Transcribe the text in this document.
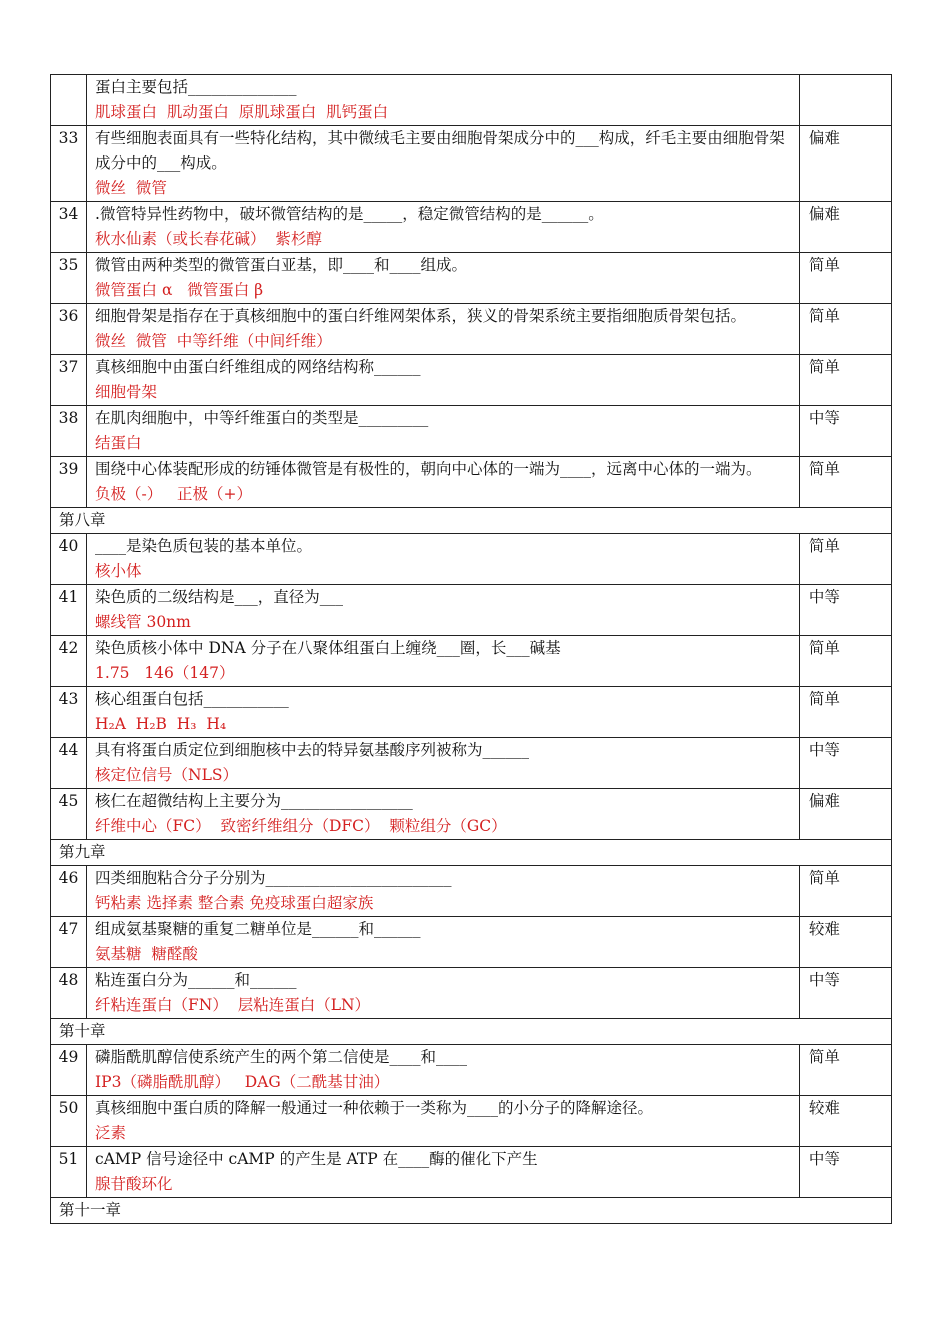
	蛋白主要包括______________
肌球蛋白  肌动蛋白  原肌球蛋白  肌钙蛋白	

33	有些细胞表面具有一些特化结构，其中微绒毛主要由细胞骨架成分中的___构成，纤毛主要由细胞骨架成分中的___构成。
微丝  微管	偏难
34	.微管特异性药物中，破坏微管结构的是_____，稳定微管结构的是______。
秋水仙素（或长春花碱）  紫杉醇	偏难
35	微管由两种类型的微管蛋白亚基，即____和____组成。
微管蛋白 α   微管蛋白 β	简单
36	细胞骨架是指存在于真核细胞中的蛋白纤维网架体系，狭义的骨架系统主要指细胞质骨架包括。
微丝  微管  中等纤维（中间纤维）	简单
37	真核细胞中由蛋白纤维组成的网络结构称______
细胞骨架	简单
38	在肌肉细胞中，中等纤维蛋白的类型是_________
结蛋白	中等
39	围绕中心体装配形成的纺锤体微管是有极性的，朝向中心体的一端为____，远离中心体的一端为。
负极（-）   正极（+）	简单
第八章		
40	____是染色质包装的基本单位。
核小体	简单
41	染色质的二级结构是___，直径为___
螺线管 30nm	中等
42	染色质核小体中 DNA 分子在八聚体组蛋白上缠绕___圈，长___碱基
1.75   146（147）	简单
43	核心组蛋白包括___________
H₂A  H₂B  H₃  H₄	简单
44	具有将蛋白质定位到细胞核中去的特异氨基酸序列被称为______
核定位信号（NLS）	中等
45	核仁在超微结构上主要分为_________________
纤维中心（FC）  致密纤维组分（DFC）  颗粒组分（GC）	偏难
第九章		
46	四类细胞粘合分子分别为________________________
钙粘素 选择素 整合素 免疫球蛋白超家族	简单
47	组成氨基聚糖的重复二糖单位是______和______
氨基糖  糖醛酸	较难
48	粘连蛋白分为______和______
纤粘连蛋白（FN）  层粘连蛋白（LN）	中等
第十章		
49	磷脂酰肌醇信使系统产生的两个第二信使是____和____
IP3（磷脂酰肌醇）   DAG（二酰基甘油）	简单
50	真核细胞中蛋白质的降解一般通过一种依赖于一类称为____的小分子的降解途径。
泛素	较难
51	cAMP 信号途径中 cAMP 的产生是 ATP 在____酶的催化下产生
腺苷酸环化	中等
第十一章		
